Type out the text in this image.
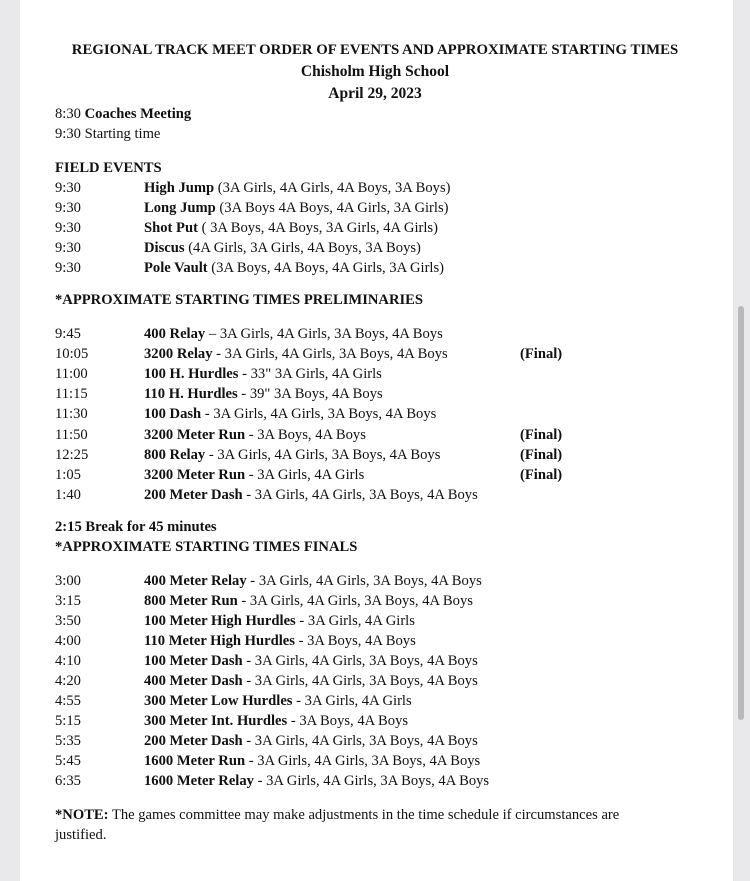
REGIONAL TRACK MEET ORDER OF EVENTS AND APPROXIMATE STARTING TIMES
Chisholm High School
April 29, 2023
8:30 Coaches Meeting
9:30 Starting time
FIELD EVENTS
9:30	High Jump (3A Girls, 4A Girls, 4A Boys, 3A Boys)
9:30	Long Jump (3A Boys 4A Boys, 4A Girls, 3A Girls)
9:30	Shot Put ( 3A Boys, 4A Boys, 3A Girls, 4A Girls)
9:30	Discus (4A Girls, 3A Girls, 4A Boys, 3A Boys)
9:30	Pole Vault (3A Boys, 4A Boys, 4A Girls, 3A Girls)
*APPROXIMATE STARTING TIMES PRELIMINARIES
9:45	400 Relay – 3A Girls, 4A Girls, 3A Boys, 4A Boys
10:05	3200 Relay - 3A Girls, 4A Girls, 3A Boys, 4A Boys	(Final)
11:00	100 H. Hurdles - 33" 3A Girls, 4A Girls
11:15	110 H. Hurdles - 39" 3A Boys, 4A Boys
11:30	100 Dash - 3A Girls, 4A Girls, 3A Boys, 4A Boys
11:50	3200 Meter Run - 3A Boys, 4A Boys	(Final)
12:25	800 Relay - 3A Girls, 4A Girls, 3A Boys, 4A Boys	(Final)
1:05	3200 Meter Run - 3A Girls, 4A Girls	(Final)
1:40	200 Meter Dash - 3A Girls, 4A Girls, 3A Boys, 4A Boys
2:15 Break for 45 minutes
*APPROXIMATE STARTING TIMES FINALS
3:00	400 Meter Relay - 3A Girls, 4A Girls, 3A Boys, 4A Boys
3:15	800 Meter Run - 3A Girls, 4A Girls, 3A Boys, 4A Boys
3:50	100 Meter High Hurdles - 3A Girls, 4A Girls
4:00	110 Meter High Hurdles - 3A Boys, 4A Boys
4:10	100 Meter Dash - 3A Girls, 4A Girls, 3A Boys, 4A Boys
4:20	400 Meter Dash - 3A Girls, 4A Girls, 3A Boys, 4A Boys
4:55	300 Meter Low Hurdles - 3A Girls, 4A Girls
5:15	300 Meter Int. Hurdles - 3A Boys, 4A Boys
5:35	200 Meter Dash - 3A Girls, 4A Girls, 3A Boys, 4A Boys
5:45	1600 Meter Run - 3A Girls, 4A Girls, 3A Boys, 4A Boys
6:35	1600 Meter Relay - 3A Girls, 4A Girls, 3A Boys, 4A Boys
*NOTE: The games committee may make adjustments in the time schedule if circumstances are justified.
